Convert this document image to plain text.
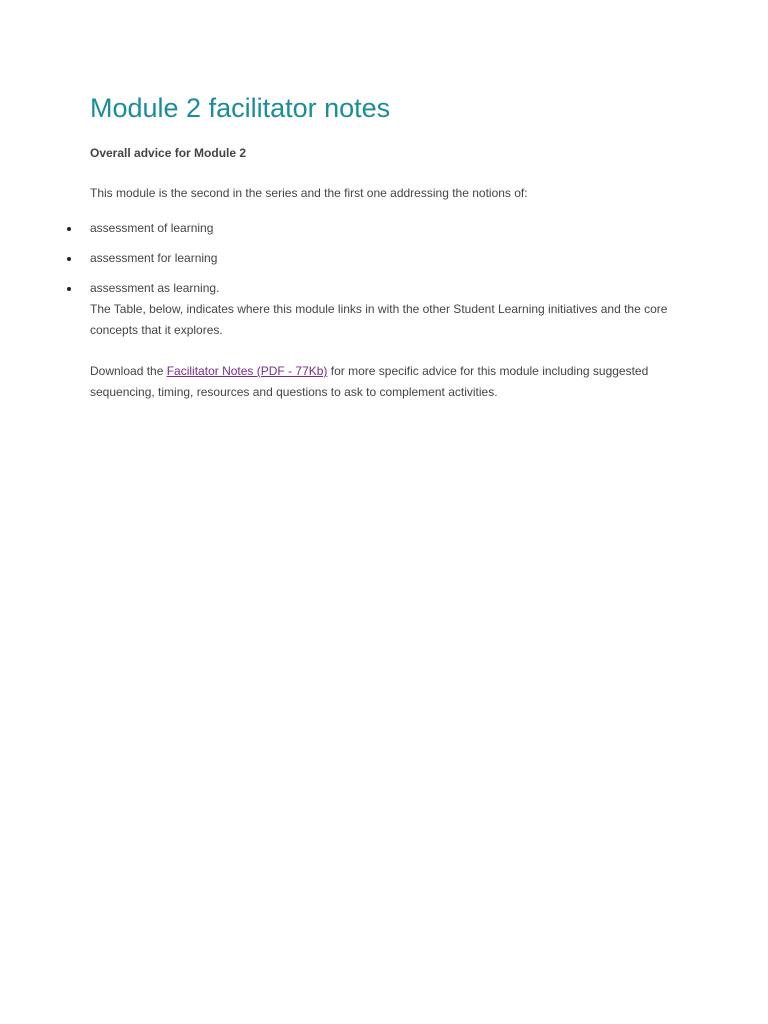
Module 2 facilitator notes
Overall advice for Module 2

This module is the second in the series and the first one addressing the notions of:

assessment of learning
assessment for learning
assessment as learning.
The Table, below, indicates where this module links in with the other Student Learning initiatives and the core concepts that it explores.

Download the Facilitator Notes (PDF - 77Kb) for more specific advice for this module including suggested sequencing, timing, resources and questions to ask to complement activities.
